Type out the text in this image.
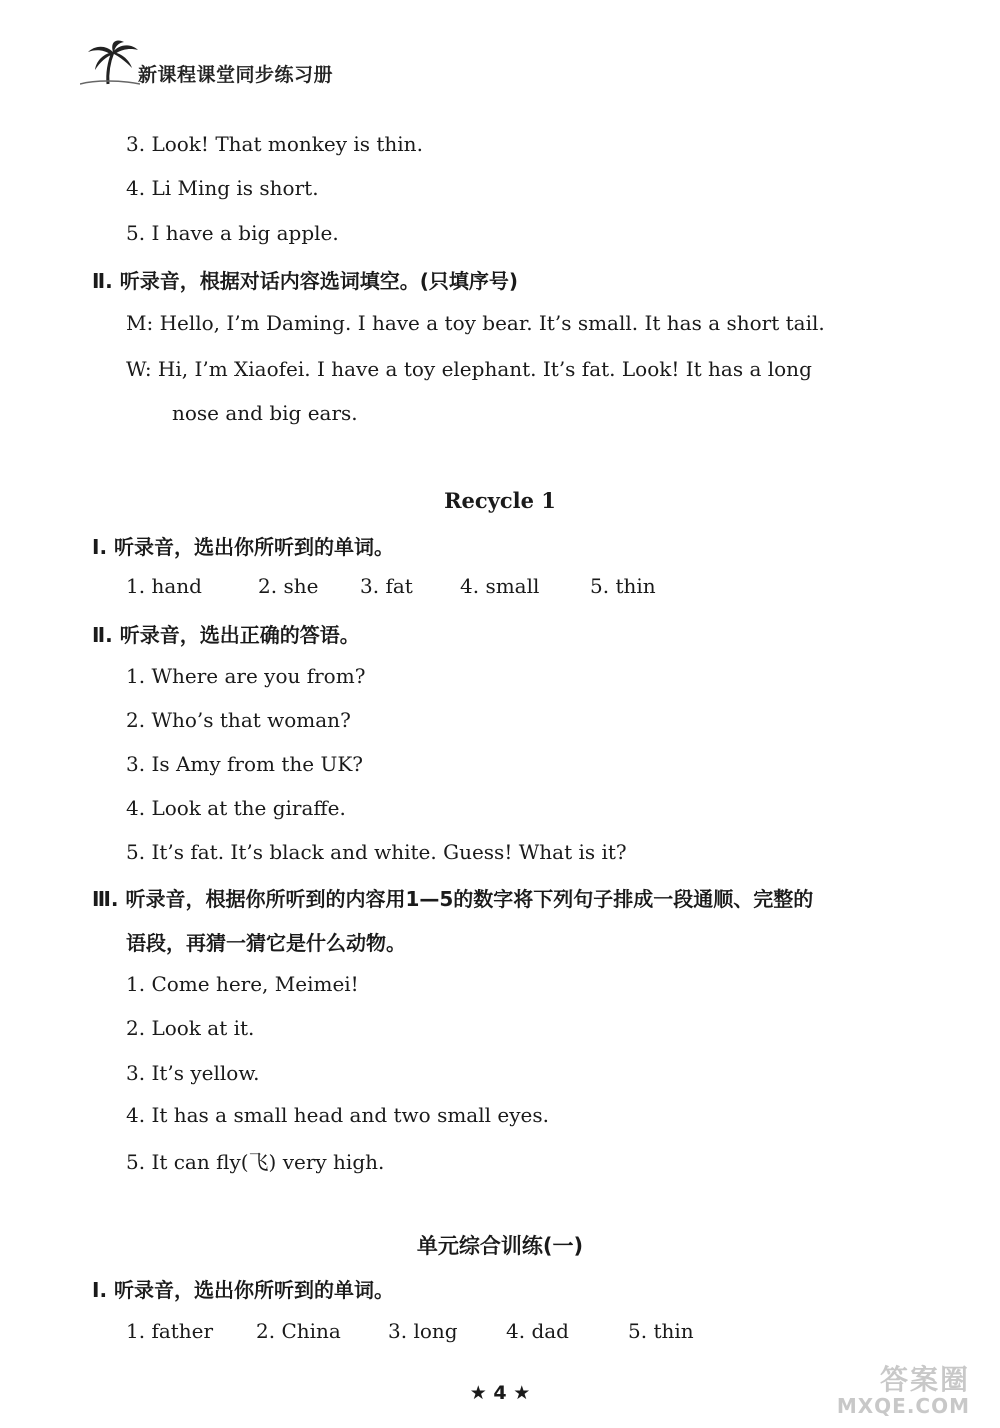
新课程课堂同步练习册
3. Look! That monkey is thin.
4. Li Ming is short.
5. I have a big apple.
Ⅱ. 听录音，根据对话内容选词填空。(只填序号)
M: Hello, I’m Daming. I have a toy bear. It’s small. It has a short tail.
W: Hi, I’m Xiaofei. I have a toy elephant. It’s fat. Look! It has a long
nose and big ears.
Recycle 1
Ⅰ. 听录音，选出你所听到的单词。
1. hand	2. she 3. fat 4. small	5. thin
Ⅱ. 听录音，选出正确的答语。
1. Where are you from?
2. Who’s that woman?
3. Is Amy from the UK?
4. Look at the giraffe.
5. It’s fat. It’s black and white. Guess! What is it?
Ⅲ. 听录音，根据你所听到的内容用1—5的数字将下列句子排成一段通顺、完整的
语段，再猜一猜它是什么动物。
1. Come here, Meimei!
2. Look at it.
3. It’s yellow.
4. It has a small head and two small eyes.
5. It can fly(飞) very high.
单元综合训练(一)
Ⅰ. 听录音，选出你所听到的单词。
1. father 2. China 3. long 4. dad	5. thin
★ 4 ★	答案圈
MXQE.COM
